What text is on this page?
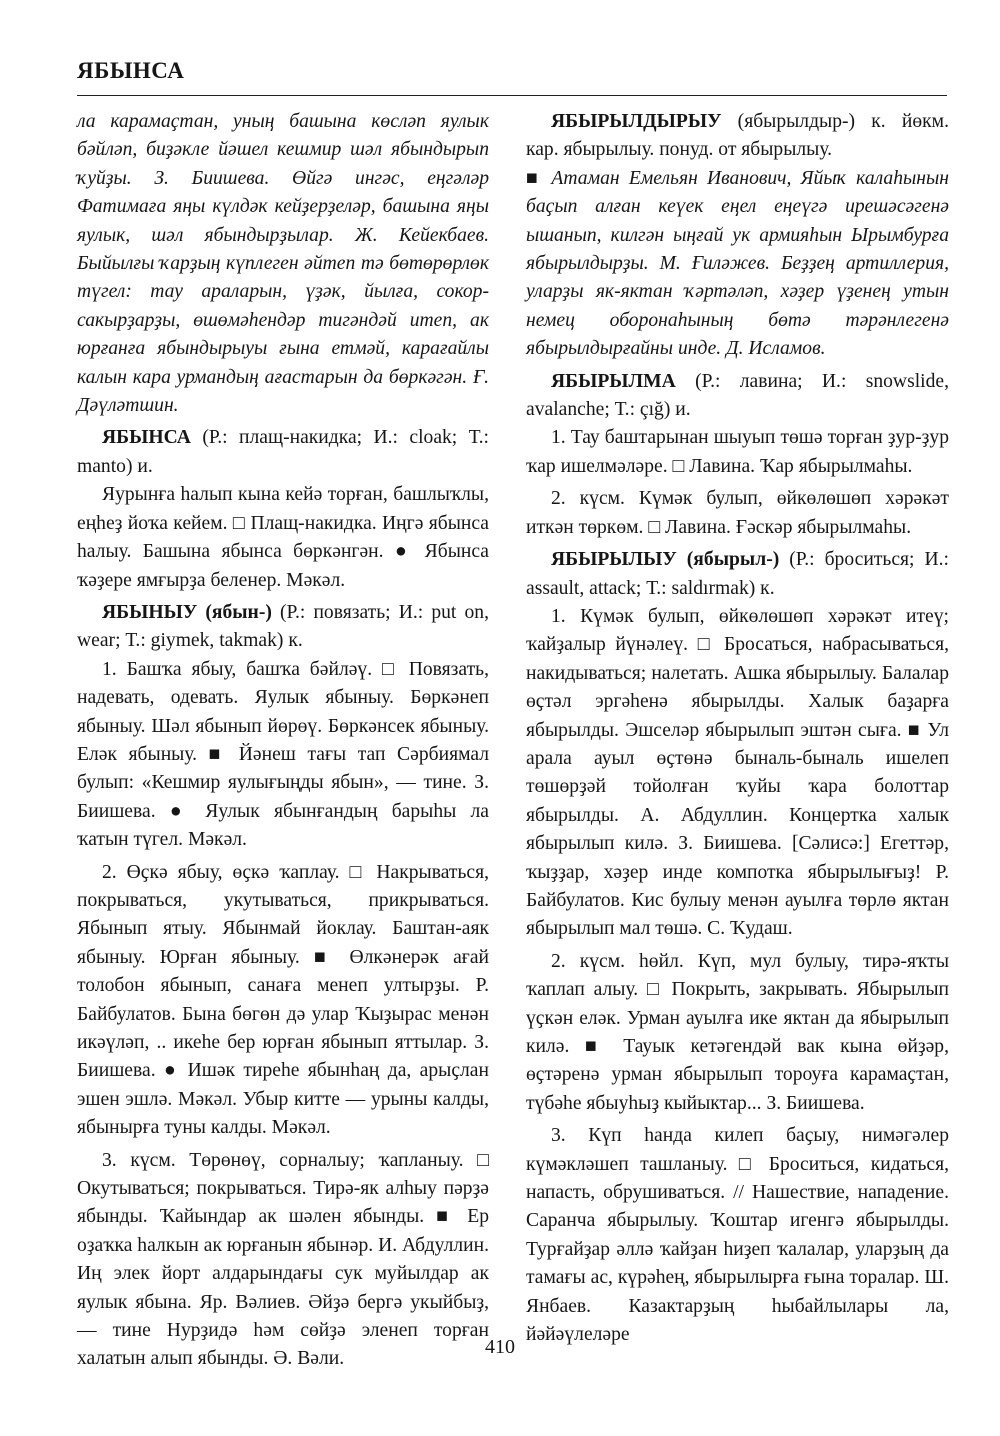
ЯБЫНСА

ла карамаҫтан, уның башына көсләп яулык бәйләп, биҙәкле йәшел кешмир шәл ябындырып ҡуйҙы. З. Биишева. Өйгә ингәс, еңгәләр Фатимаға яңы күлдәк кейҙерҙеләр, башына яңы яулык, шәл ябындырҙылар. Ж. Кейекбаев. Быйылғы ҡарҙың күплеген әйтеп тә бөтөрөрлөк түгел: тау араларын, үҙәк, йылға, сокор-сакырҙарҙы, өшөмәһендәр тигәндәй итеп, ак юрғанға ябындырыуы ғына етмәй, карағайлы калын кара урмандың ағастарын да бөркәгән. Ғ. Дәүләтшин.

ЯБЫНСА (Р.: плащ-накидка; И.: cloak; Т.: manto) и.

Яурынға һалып кына кейә торған, башлыҡлы, еңһеҙ йоҡа кейем. □ Плащ-накидка. Иңгә ябынса һалыу. Башына ябынса бөркәнгән. ● Ябынса ҡәҙере ямғырҙа беленер. Мәкәл.

ЯБЫНЫУ (ябын-) (Р.: повязать; И.: put on, wear; Т.: giymek, takmak) к.

1. Башҡа ябыу, башҡа бәйләү. □ Повязать, надевать, одевать. Яулык ябыныу. Бөркәнеп ябыныу. Шәл ябынып йөрөү. Бөркәнсек ябыныу. Еләк ябыныу. ■ Йәнеш тағы тап Сәрбиямал булып: «Кешмир яулығыңды ябын», — тине. З. Биишева. ● Яулык ябынғандың барыһы ла ҡатын түгел. Мәкәл.

2. Өҫкә ябыу, өҫкә ҡаплау. □ Накрываться, покрываться, укутываться, прикрываться. Ябынып ятыу. Ябынмай йоклау. Баштан-аяк ябыныу. Юрған ябыныу. ■ Өлкәнерәк ағай толобон ябынып, санаға менеп ултырҙы. Р. Байбулатов. Бына бөгөн дә улар Ҡыҙырас менән икәүләп, .. икеһе бер юрған ябынып яттылар. З. Биишева. ● Ишәк тиреһе ябынһаң да, арыҫлан эшен эшлә. Мәкәл. Убыр китте — урыны калды, ябынырға туны калды. Мәкәл.

3. күсм. Төрөнөү, сорналыу; ҡапланыу. □ Окутываться; покрываться. Тирә-як алһыу пәрҙә ябынды. Ҡайындар ак шәлен ябынды. ■ Ер оҙаҡка һалкын ак юрғанын ябынәр. И. Абдуллин. Иң элек йорт алдарындағы сук муйылдар ак яулык ябына. Яр. Вәлиев. Әйҙә бергә укыйбыҙ, — тине Нурҙидә һәм сөйҙә эленеп торған халатын алып ябынды. Ә. Вәли.

ЯБЫРЫЛДЫРЫУ (ябырылдыр-) к. йөкм. кар. ябырылыу. понуд. от ябырылыу.

■ Атаман Емельян Иванович, Яйыҡ калаһынын баҫып алған кеүек еңел еңеүгә ирешәсәгенә ышанып, килгән ыңғай ук армияһын Ырымбурға ябырылдырҙы. М. Ғиләжев. Беҙҙең артиллерия, уларҙы як-яктан ҡәртәләп, хәҙер үҙенең утын немец оборонаһының бөтә тәрәнлегенә ябырылдырғайны инде. Д. Исламов.

ЯБЫРЫЛМА (Р.: лавина; И.: snowslide, avalanche; Т.: çığ) и.

1. Тау баштарынан шыуып төшә торған ҙур-ҙур ҡар ишелмәләре. □ Лавина. Ҡар ябырылмаһы.

2. күсм. Күмәк булып, өйкөлөшөп хәрәкәт иткән төркөм. □ Лавина. Ғәскәр ябырылмаһы.

ЯБЫРЫЛЫУ (ябырыл-) (Р.: броситься; И.: assault, attack; Т.: saldırmak) к.

1. Күмәк булып, өйкөлөшөп хәрәкәт итеү; ҡайҙалыр йүнәлеү. □ Бросаться, набрасываться, накидываться; налетать. Ашка ябырылыу. Балалар өҫтәл эргәһенә ябырылды. Халык баҙарға ябырылды. Эшселәр ябырылып эштән сыға. ■ Ул арала ауыл өҫтөнә быналь-быналь ишелеп төшөрҙәй тойолған ҡуйы ҡара болоттар ябырылды. А. Абдуллин. Концертка халык ябырылып килә. З. Биишева. [Сәлисә:] Егеттәр, ҡыҙҙар, хәҙер инде компотка ябырылығыҙ! Р. Байбулатов. Кис булыу менән ауылға төрлө яктан ябырылып мал төшә. С. Ҡудаш.

2. күсм. һөйл. Күп, мул булыу, тирә-яҡты ҡаплап алыу. □ Покрыть, закрывать. Ябырылып үҫкән еләк. Урман ауылға ике яктан да ябырылып килә. ■ Тауык кетәгендәй вак кына өйҙәр, өҫтәренә урман ябырылып тороуға карамаҫтан, түбәһе ябыуһыҙ кыйыктар... З. Биишева.

3. Күп һанда килеп баҫыу, нимәгәлер күмәкләшеп ташланыу. □ Броситься, кидаться, напасть, обрушиваться. // Нашествие, нападение. Саранча ябырылыу. Ҡоштар игенгә ябырылды. Турғайҙар әллә ҡайҙан һиҙеп ҡалалар, уларҙың да тамағы ас, күрәһең, ябырылырға ғына торалар. Ш. Янбаев. Казактарҙың һыбайлылары ла, йәйәүлеләре

410
